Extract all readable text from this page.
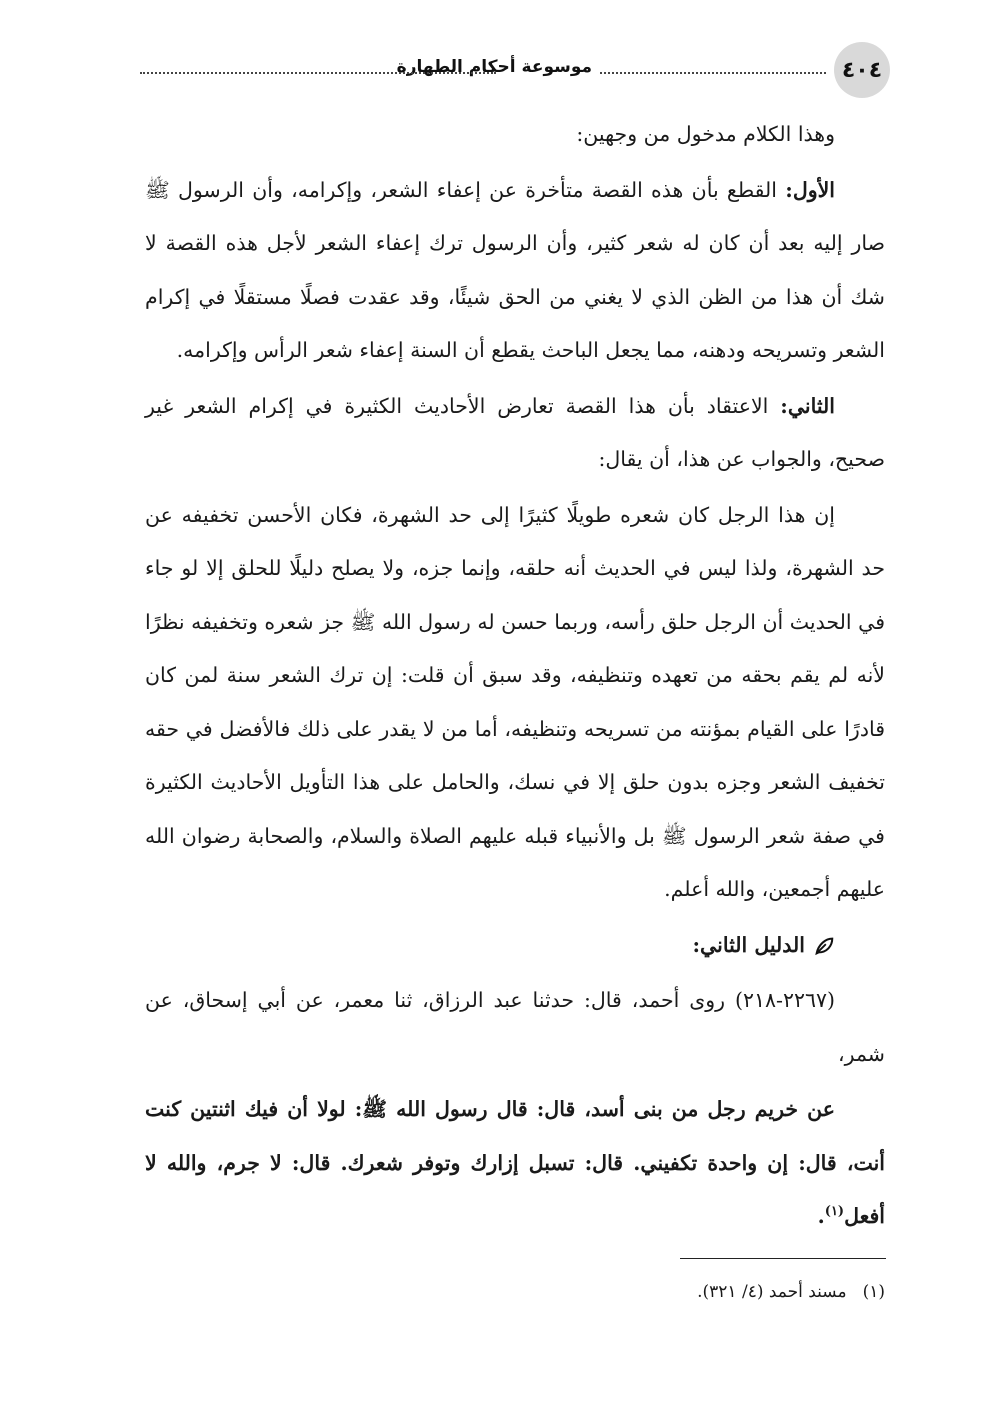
٤٠٤
موسوعة أحكام الطهارة

وهذا الكلام مدخول من وجهين:

الأول: القطع بأن هذه القصة متأخرة عن إعفاء الشعر، وإكرامه، وأن الرسول ﷺ صار إليه بعد أن كان له شعر كثير، وأن الرسول ترك إعفاء الشعر لأجل هذه القصة لا شك أن هذا من الظن الذي لا يغني من الحق شيئًا، وقد عقدت فصلًا مستقلًا في إكرام الشعر وتسريحه ودهنه، مما يجعل الباحث يقطع أن السنة إعفاء شعر الرأس وإكرامه.

الثاني: الاعتقاد بأن هذا القصة تعارض الأحاديث الكثيرة في إكرام الشعر غير صحيح، والجواب عن هذا، أن يقال:

إن هذا الرجل كان شعره طويلًا كثيرًا إلى حد الشهرة، فكان الأحسن تخفيفه عن حد الشهرة، ولذا ليس في الحديث أنه حلقه، وإنما جزه، ولا يصلح دليلًا للحلق إلا لو جاء في الحديث أن الرجل حلق رأسه، وربما حسن له رسول الله ﷺ جز شعره وتخفيفه نظرًا لأنه لم يقم بحقه من تعهده وتنظيفه، وقد سبق أن قلت: إن ترك الشعر سنة لمن كان قادرًا على القيام بمؤنته من تسريحه وتنظيفه، أما من لا يقدر على ذلك فالأفضل في حقه تخفيف الشعر وجزه بدون حلق إلا في نسك، والحامل على هذا التأويل الأحاديث الكثيرة في صفة شعر الرسول ﷺ بل والأنبياء قبله عليهم الصلاة والسلام، والصحابة رضوان الله عليهم أجمعين، والله أعلم.

الدليل الثاني:

(٢٢٦٧-٢١٨) روى أحمد، قال: حدثنا عبد الرزاق، ثنا معمر، عن أبي إسحاق، عن شمر،

عن خريم رجل من بنى أسد، قال: قال رسول الله ﷺ: لولا أن فيك اثنتين كنت أنت، قال: إن واحدة تكفيني. قال: تسبل إزارك وتوفر شعرك. قال: لا جرم، والله لا أفعل$^{(١)}$.

(١)مسند أحمد (٤/ ٣٢١).
